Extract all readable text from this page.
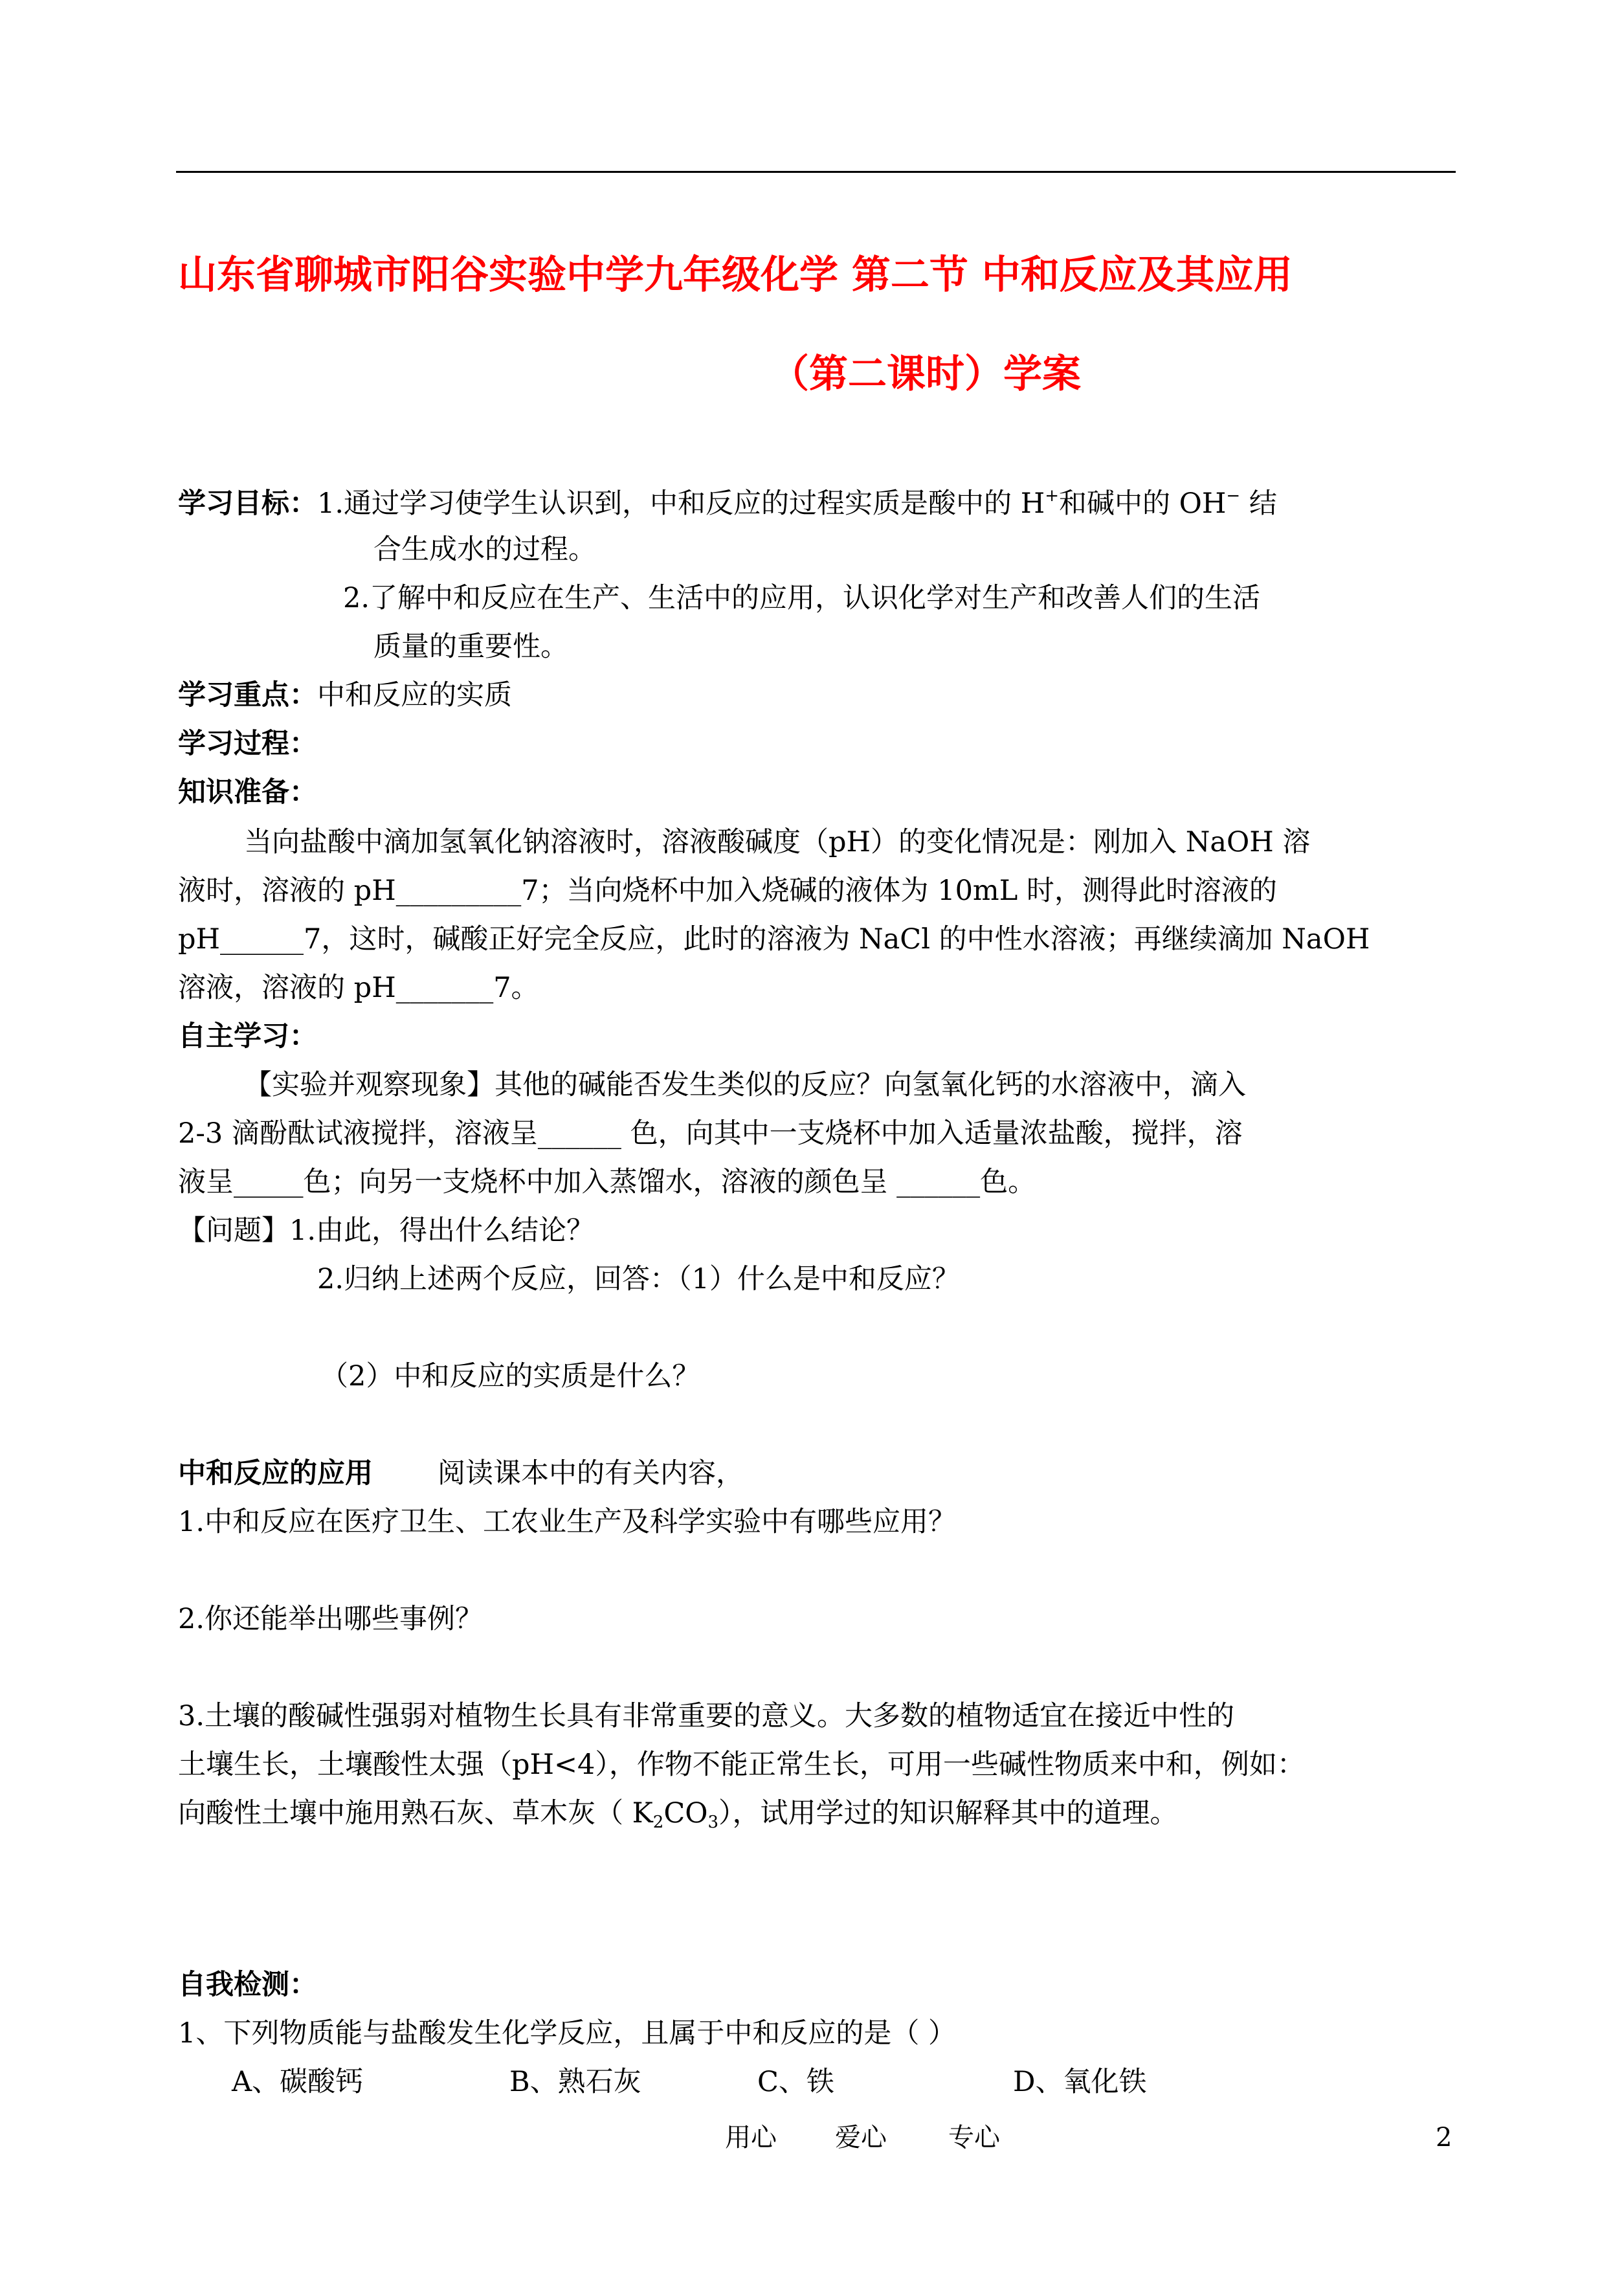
山东省聊城市阳谷实验中学九年级化学 第二节 中和反应及其应用
（第二课时）学案
学习目标：1.通过学习使学生认识到，中和反应的过程实质是酸中的 H+和碱中的 OH− 结
合生成水的过程。
2.了解中和反应在生产、生活中的应用，认识化学对生产和改善人们的生活
质量的重要性。
学习重点：中和反应的实质
学习过程：
知识准备：
当向盐酸中滴加氢氧化钠溶液时，溶液酸碱度（pH）的变化情况是：刚加入 NaOH 溶
液时，溶液的 pH_________7；当向烧杯中加入烧碱的液体为 10mL 时，测得此时溶液的
pH______7，这时，碱酸正好完全反应，此时的溶液为 NaCl 的中性水溶液；再继续滴加 NaOH
溶液，溶液的 pH_______7。
自主学习：
【实验并观察现象】其他的碱能否发生类似的反应？向氢氧化钙的水溶液中，滴入
2-3 滴酚酞试液搅拌，溶液呈______ 色，向其中一支烧杯中加入适量浓盐酸，搅拌，溶
液呈_____色；向另一支烧杯中加入蒸馏水，溶液的颜色呈 ______色。
【问题】1.由此，得出什么结论？
2.归纳上述两个反应，回答：（1）什么是中和反应？
（2）中和反应的实质是什么？
中和反应的应用 阅读课本中的有关内容，
1.中和反应在医疗卫生、工农业生产及科学实验中有哪些应用？
2.你还能举出哪些事例？
3.土壤的酸碱性强弱对植物生长具有非常重要的意义。大多数的植物适宜在接近中性的
土壤生长，土壤酸性太强（pH<4），作物不能正常生长，可用一些碱性物质来中和，例如：
向酸性土壤中施用熟石灰、草木灰（ $K_2CO_3$），试用学过的知识解释其中的道理。
自我检测：
1、下列物质能与盐酸发生化学反应，且属于中和反应的是（ ）
A、碳酸钙	B、熟石灰	C、铁	D、氧化铁
用心 爱心 专心	2
